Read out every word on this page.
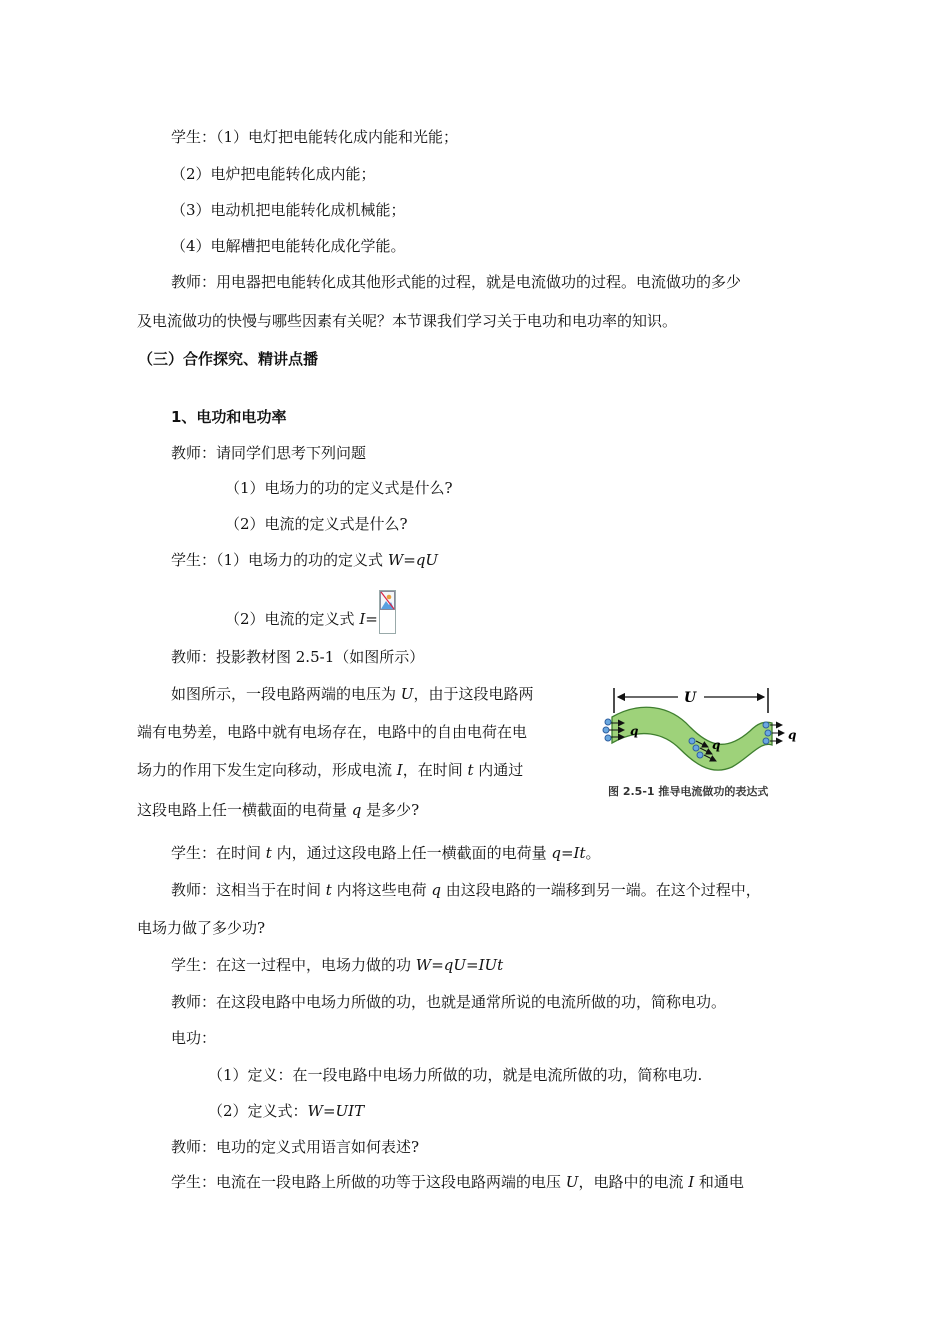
学生：（1）电灯把电能转化成内能和光能；
（2）电炉把电能转化成内能；
（3）电动机把电能转化成机械能；
（4）电解槽把电能转化成化学能。
教师：用电器把电能转化成其他形式能的过程，就是电流做功的过程。电流做功的多少
及电流做功的快慢与哪些因素有关呢？本节课我们学习关于电功和电功率的知识。
（三）合作探究、精讲点播
1、电功和电功率
教师：请同学们思考下列问题
（1）电场力的功的定义式是什么?
（2）电流的定义式是什么?
学生：（1）电场力的功的定义式 W=qU
（2）电流的定义式 I=
教师：投影教材图 2.5-1（如图所示）
如图所示，一段电路两端的电压为 U，由于这段电路两
端有电势差，电路中就有电场存在，电路中的自由电荷在电
场力的作用下发生定向移动，形成电流 I，在时间 t 内通过
这段电路上任一横截面的电荷量 q 是多少?
U
q
q
q
图 2.5-1 推导电流做功的表达式
学生：在时间 t 内，通过这段电路上任一横截面的电荷量 q=It。
教师：这相当于在时间 t 内将这些电荷 q 由这段电路的一端移到另一端。在这个过程中，
电场力做了多少功?
学生：在这一过程中，电场力做的功 W=qU=IUt
教师：在这段电路中电场力所做的功，也就是通常所说的电流所做的功，简称电功。
电功：
（1）定义：在一段电路中电场力所做的功，就是电流所做的功，简称电功.
（2）定义式：W=UIT
教师：电功的定义式用语言如何表述?
学生：电流在一段电路上所做的功等于这段电路两端的电压 U，电路中的电流 I 和通电
